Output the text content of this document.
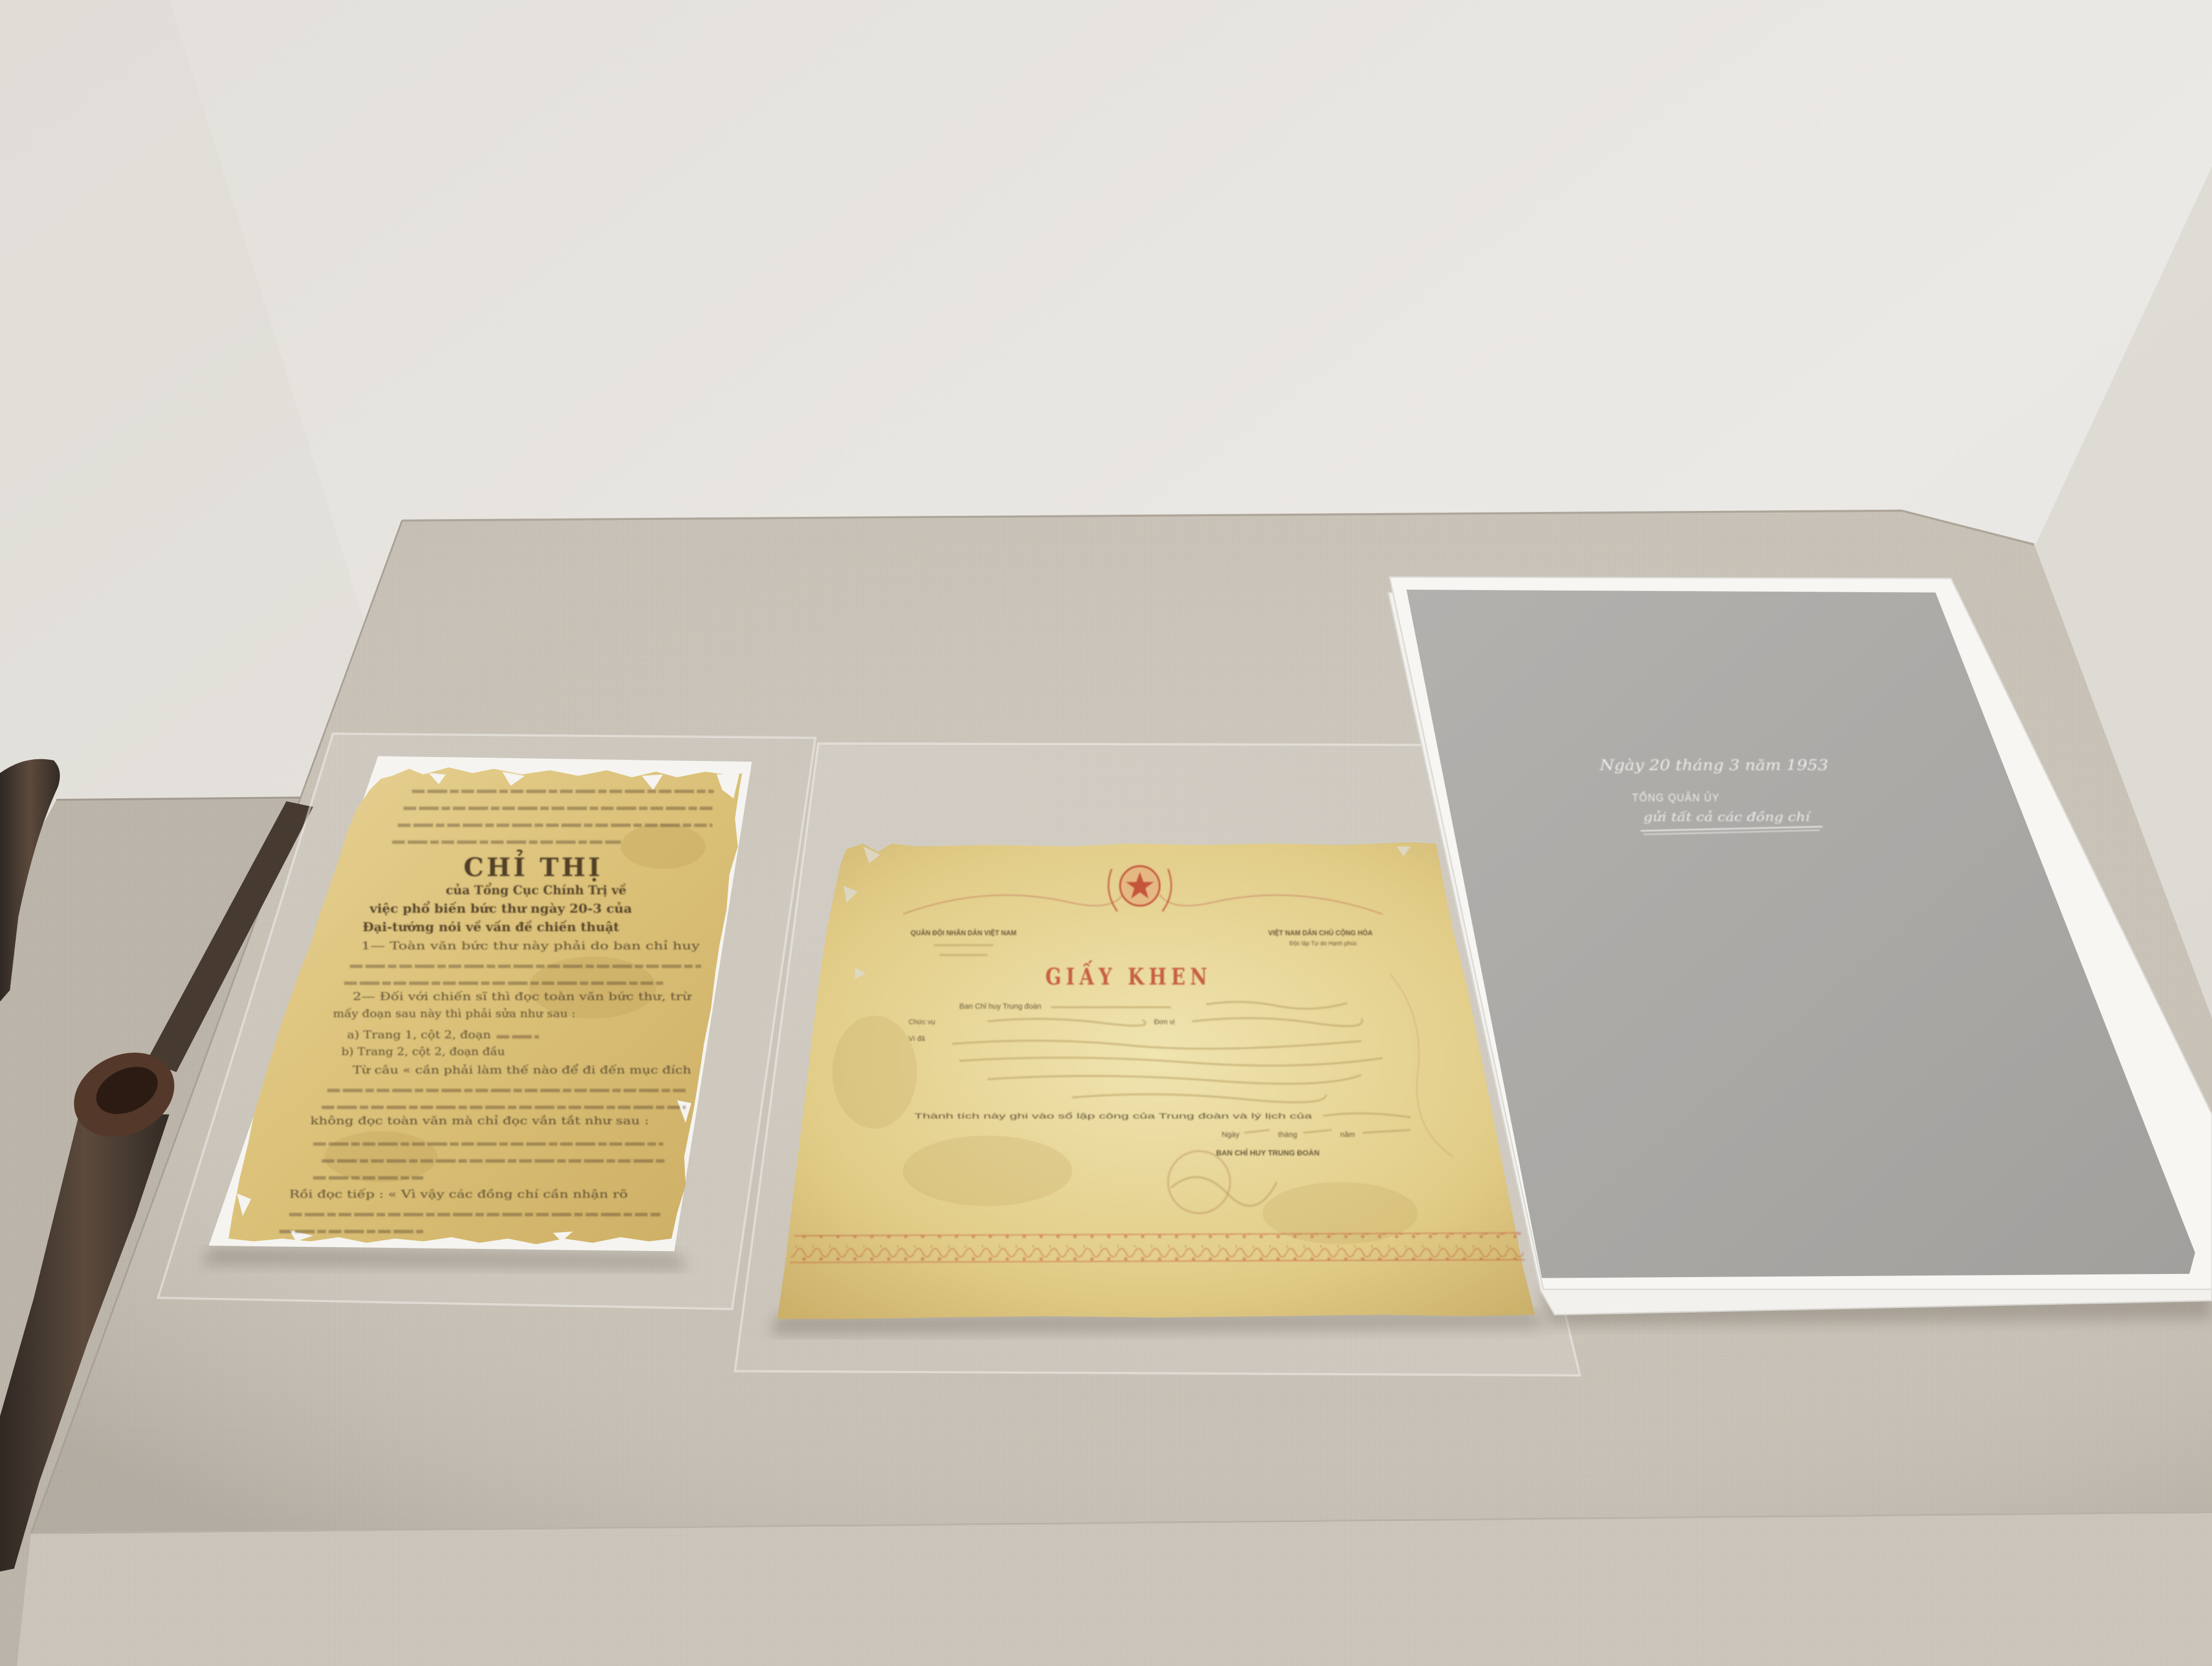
CHỈ THỊ
của Tổng Cục Chính Trị về
việc phổ biến bức thư ngày 20-3 của
Đại-tướng nói về vấn đề chiến thuật
1— Toàn văn bức thư này phải do ban chỉ huy
2— Đối với chiến sĩ thì đọc toàn văn bức thư, trừ
mấy đoạn sau này thì phải sửa như sau :
a) Trang 1, cột 2, đoạn
b) Trang 2, cột 2, đoạn đầu
Từ câu « cần phải làm thế nào để đi đến mục đích
không đọc toàn văn mà chỉ đọc vắn tắt như sau :
Rồi đọc tiếp : « Vì vậy các đồng chí cần nhận rõ
QUÂN ĐỘI NHÂN DÂN VIỆT NAM	VIỆT NAM DÂN CHỦ CỘNG HÒA
Độc lập Tự do Hạnh phúc
GIẤY KHEN
Ban Chỉ huy Trung đoàn
Chức vụ	Đơn vị
Vì đã
Thành tích này ghi vào sổ lập công của Trung đoàn và lý lịch của
Ngày	tháng	năm
BAN CHỈ HUY TRUNG ĐOÀN
Ngày 20 tháng 3 năm 1953
TỔNG QUÂN ỦY
gửi tất cả các đồng chí
